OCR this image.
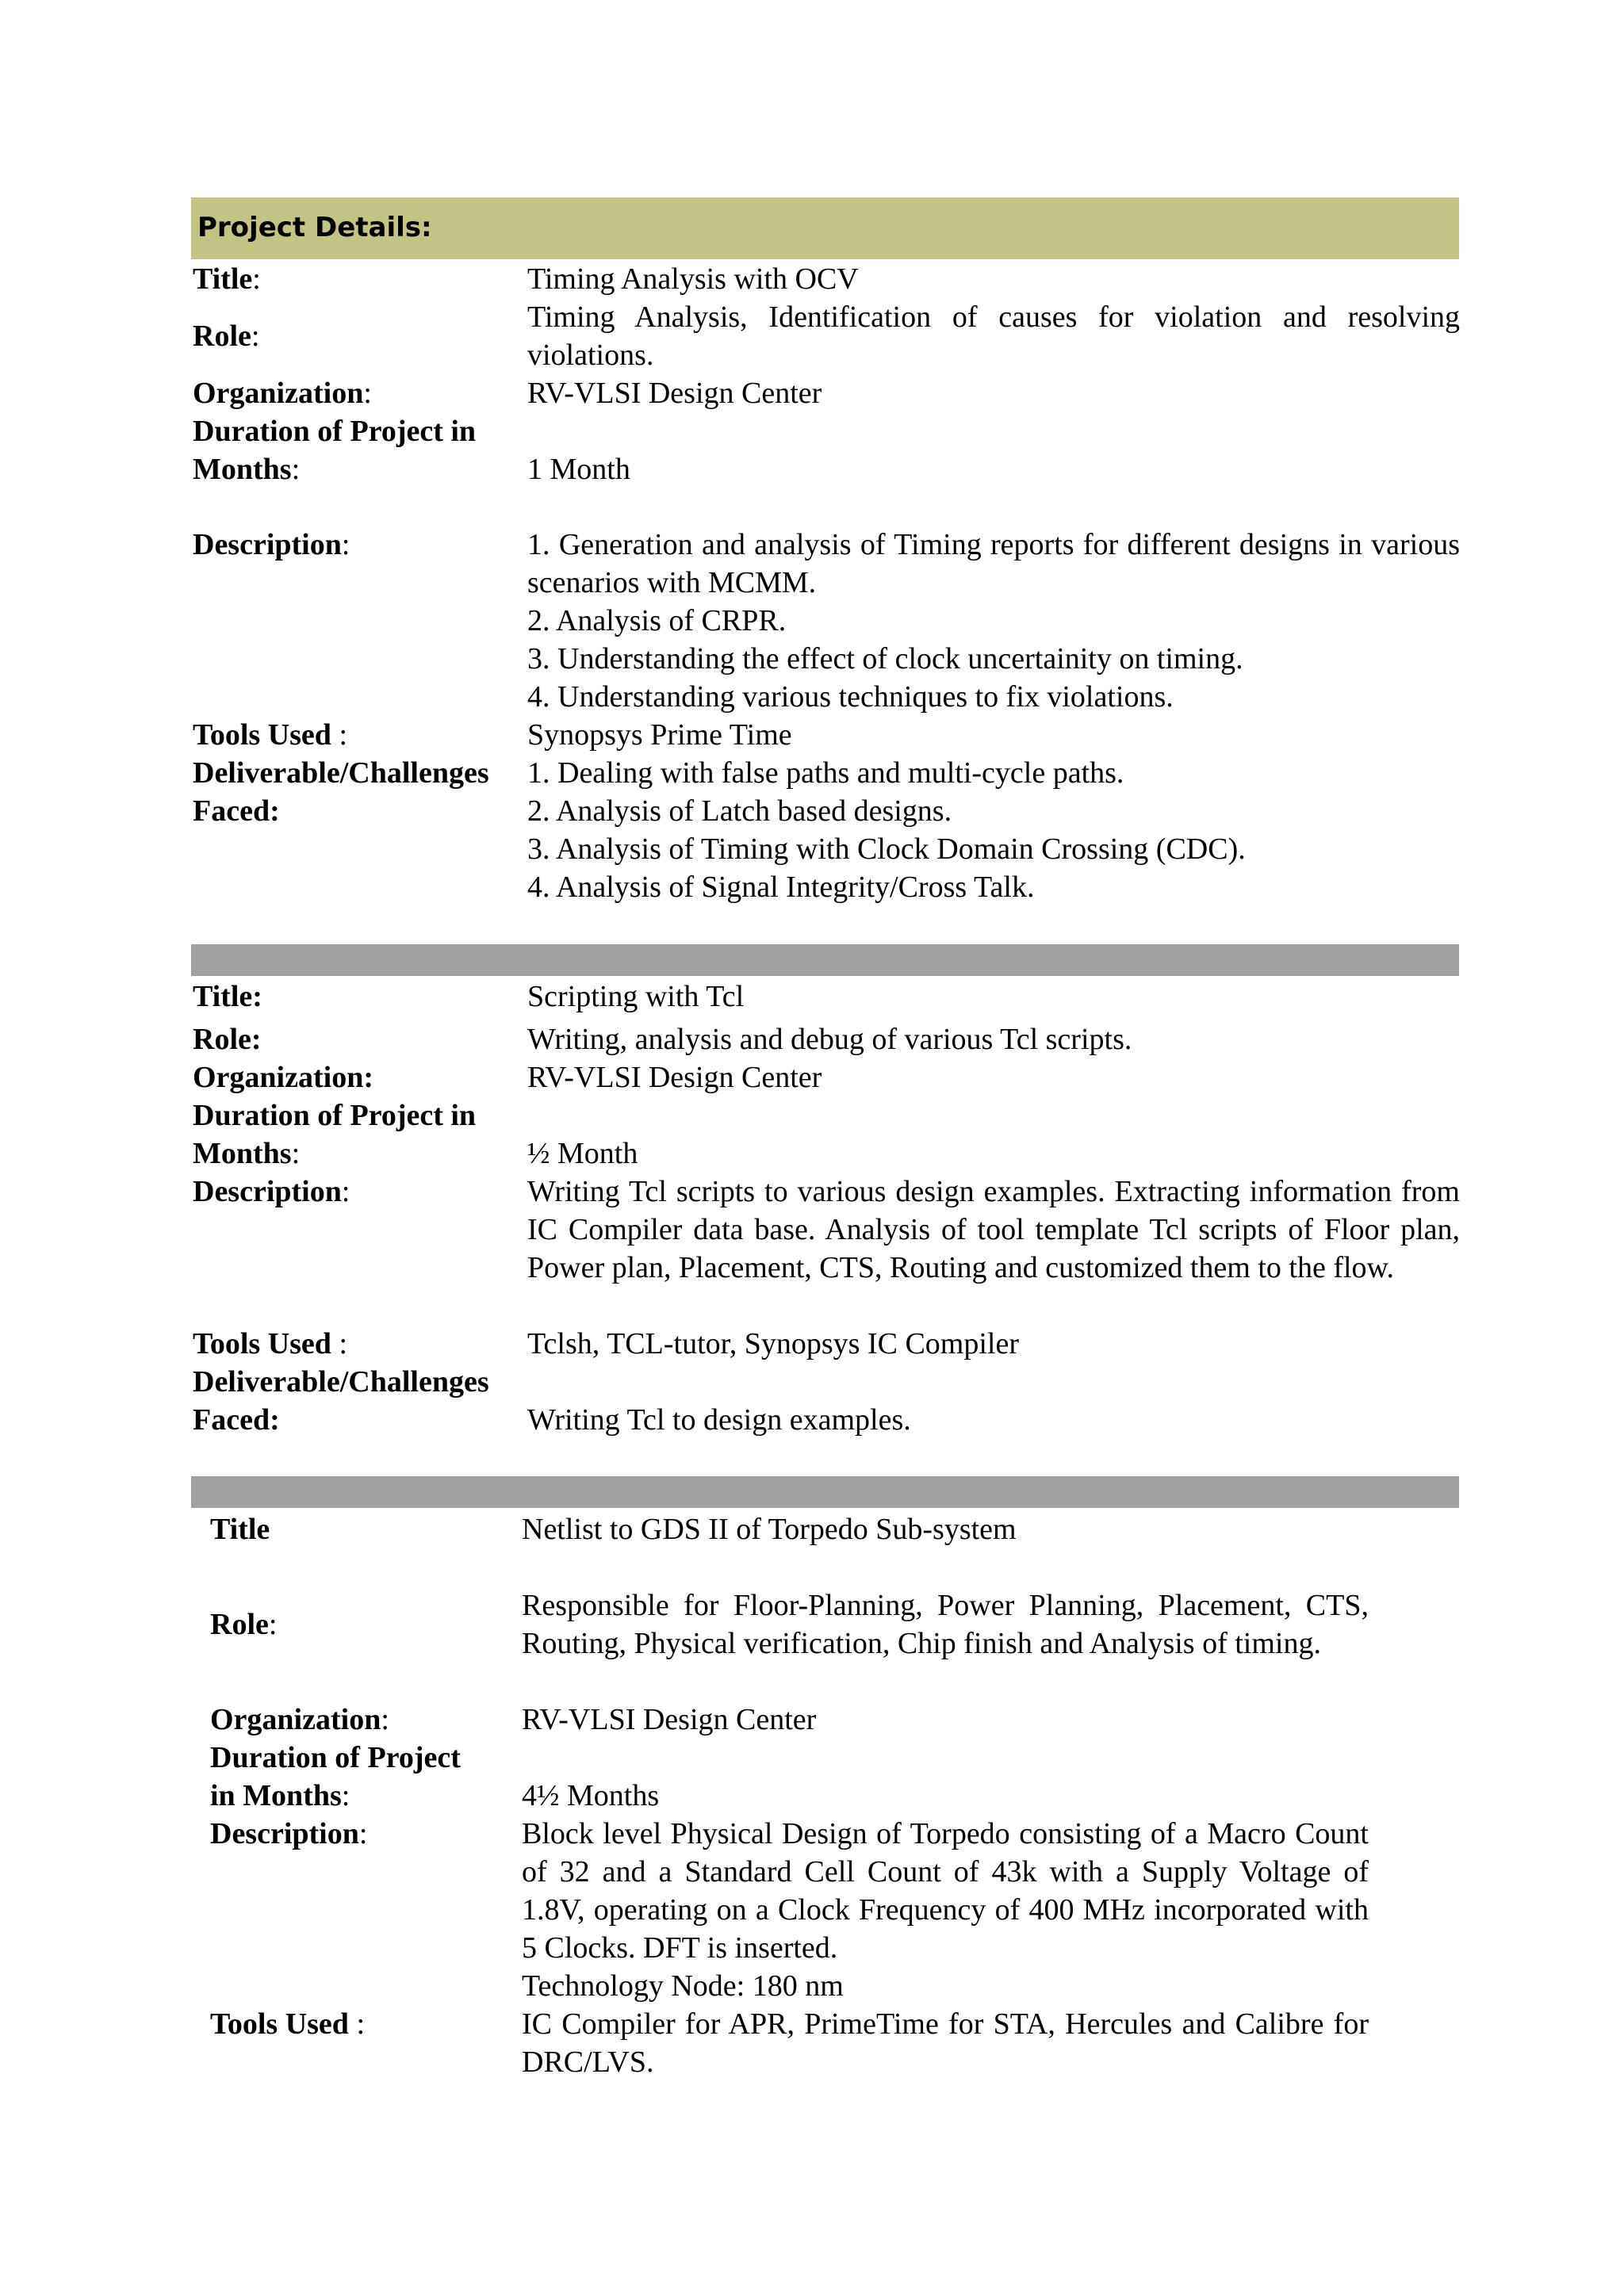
Project Details:
Title:	Timing Analysis with OCV
Role:
Timing Analysis, Identification of causes for violation and resolving violations.
Organization:	RV-VLSI Design Center
Duration of Project in
Months:	1 Month
Description:	1. Generation and analysis of Timing reports for different designs in various scenarios with MCMM.
2. Analysis of CRPR.
3. Understanding the effect of clock uncertainity on timing.
4. Understanding various techniques to fix violations.
Tools Used :	Synopsys Prime Time
Deliverable/Challenges
Faced:
1. Dealing with false paths and multi-cycle paths.
2. Analysis of Latch based designs.
3. Analysis of Timing with Clock Domain Crossing (CDC).
4. Analysis of Signal Integrity/Cross Talk.
Title:	Scripting with Tcl
Role:	Writing, analysis and debug of various Tcl scripts.
Organization:	RV-VLSI Design Center
Duration of Project in
Months:	½ Month
Description:	Writing Tcl scripts to various design examples. Extracting information from IC Compiler data base. Analysis of tool template Tcl scripts of Floor plan, Power plan, Placement, CTS, Routing and customized them to the flow.
Tools Used :	Tclsh, TCL-tutor, Synopsys IC Compiler
Deliverable/Challenges
Faced:	Writing Tcl to design examples.
Title	Netlist to GDS II of Torpedo Sub-system
Role:
Responsible for Floor-Planning, Power Planning, Placement, CTS, Routing, Physical verification, Chip finish and Analysis of timing.
Organization:	RV-VLSI Design Center
Duration of Project
in Months:	4½ Months
Description:	Block level Physical Design of Torpedo consisting of a Macro Count of 32 and a Standard Cell Count of 43k with a Supply Voltage of 1.8V, operating on a Clock Frequency of 400 MHz incorporated with 5 Clocks. DFT is inserted.
Technology Node: 180 nm
Tools Used :	IC Compiler for APR, PrimeTime for STA, Hercules and Calibre for DRC/LVS.
